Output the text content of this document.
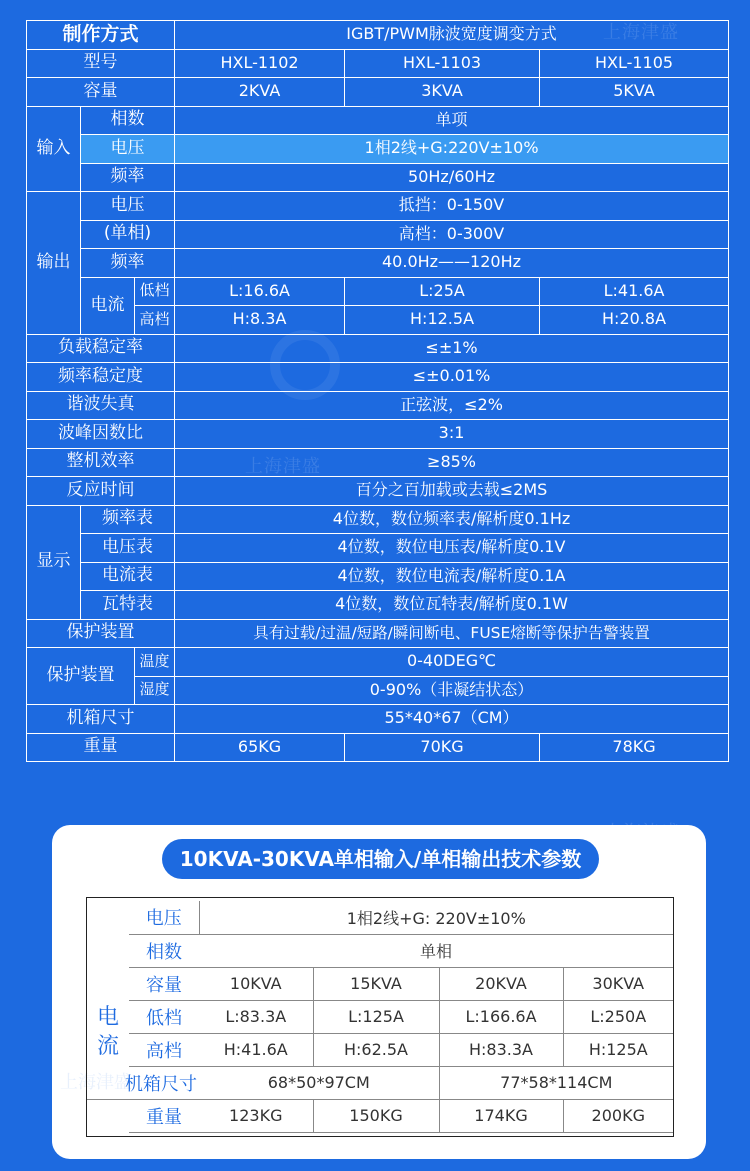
上海津盛
上海津盛
制作方式			IGBT/PWM脉波宽度调变方式		
型号			HXL-1102	HXL-1103	HXL-1105
容量			2KVA	3KVA	5KVA
输入	相数		单项		
	电压		1相2线+G:220V±10%		
	频率		50Hz/60Hz		
输出	电压		抵挡：0-150V		
	(单相)		高档：0-300V		
	频率		40.0Hz——120Hz		
	电流	低档	L:16.6A	L:25A	L:41.6A
		高档	H:8.3A	H:12.5A	H:20.8A
负载稳定率			≤±1%		
频率稳定度			≤±0.01%		
谐波失真			正弦波，≤2%		
波峰因数比			3:1		
整机效率			≥85%		
反应时间			百分之百加载或去载≤2MS		
显示	频率表		4位数，数位频率表/解析度0.1Hz		
	电压表		4位数，数位电压表/解析度0.1V		
	电流表		4位数，数位电流表/解析度0.1A		
	瓦特表		4位数，数位瓦特表/解析度0.1W		
保护装置			具有过载/过温/短路/瞬间断电、FUSE熔断等保护告警装置		
保护装置		温度	0-40DEG℃		
		湿度	0-90%（非凝结状态）		
机箱尺寸			55*40*67（CM）		
重量			65KG	70KG	78KG
上海津盛
10KVA-30KVA单相输入/单相输出技术参数
	电压	1相2线+G: 220V±10%			
	相数	单相			
	容量	10KVA	15KVA	20KVA	30KVA

电
流	低档	L:83.3A	L:125A	L:166.6A	L:250A
	高档	H:41.6A	H:62.5A	H:83.3A	H:125A
机箱尺寸		68*50*97CM		77*58*114CM	
	重量	123KG	150KG	174KG	200KG
